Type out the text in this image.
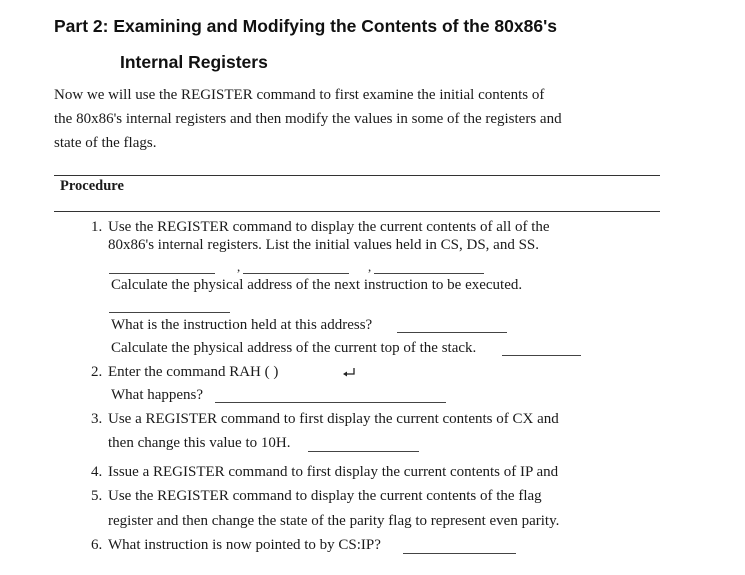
Part 2: Examining and Modifying the Contents of the 80x86's
Internal Registers
Now we will use the REGISTER command to first examine the initial contents of
the 80x86's internal registers and then modify the values in some of the registers and
state of the flags.
Procedure
1. Use the REGISTER command to display the current contents of all of the
80x86's internal registers. List the initial values held in CS, DS, and SS.
,	,
Calculate the physical address of the next instruction to be executed.
What is the instruction held at this address?
Calculate the physical address of the current top of the stack.
2. Enter the command RAH ( )
What happens?
3. Use a REGISTER command to first display the current contents of CX and
then change this value to 10H.
4. Issue a REGISTER command to first display the current contents of IP and
5. Use the REGISTER command to display the current contents of the flag
register and then change the state of the parity flag to represent even parity.
6. What instruction is now pointed to by CS:IP?
